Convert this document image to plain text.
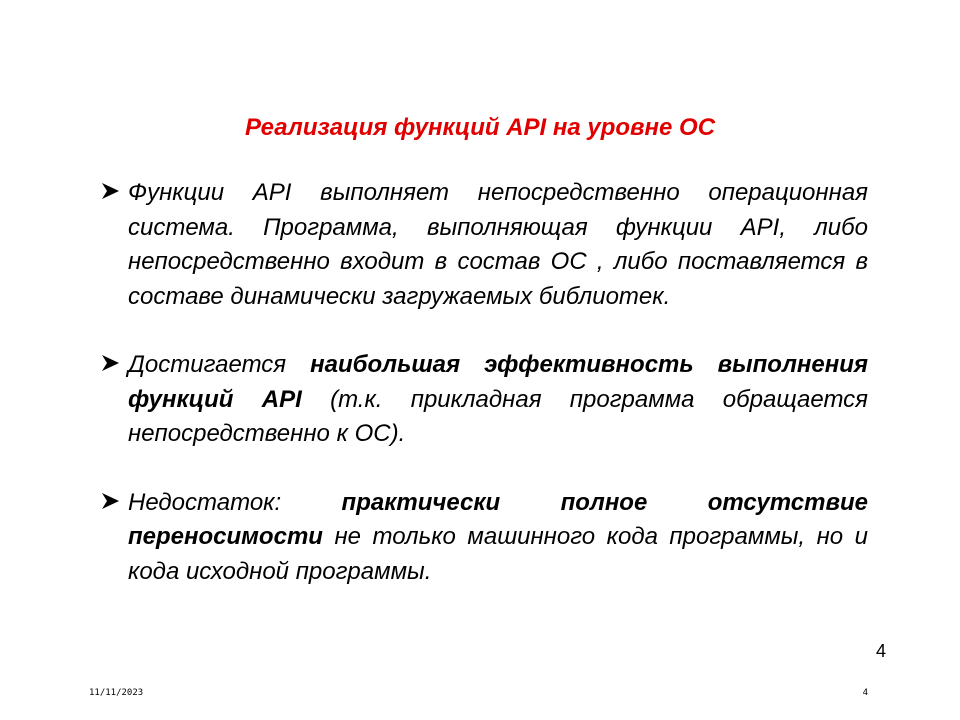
Реализация функций API на уровне ОС
Функции API выполняет непосредственно операционная система. Программа, выполняющая функции API, либо непосредственно входит в состав ОС , либо поставляется в составе динамически загружаемых библиотек.
Достигается наибольшая эффективность выполнения функций API (т.к. прикладная программа обращается непосредственно к ОС).
Недостаток: практически полное отсутствие переносимости не только машинного кода программы, но и кода исходной программы.
4
11/11/2023	4
